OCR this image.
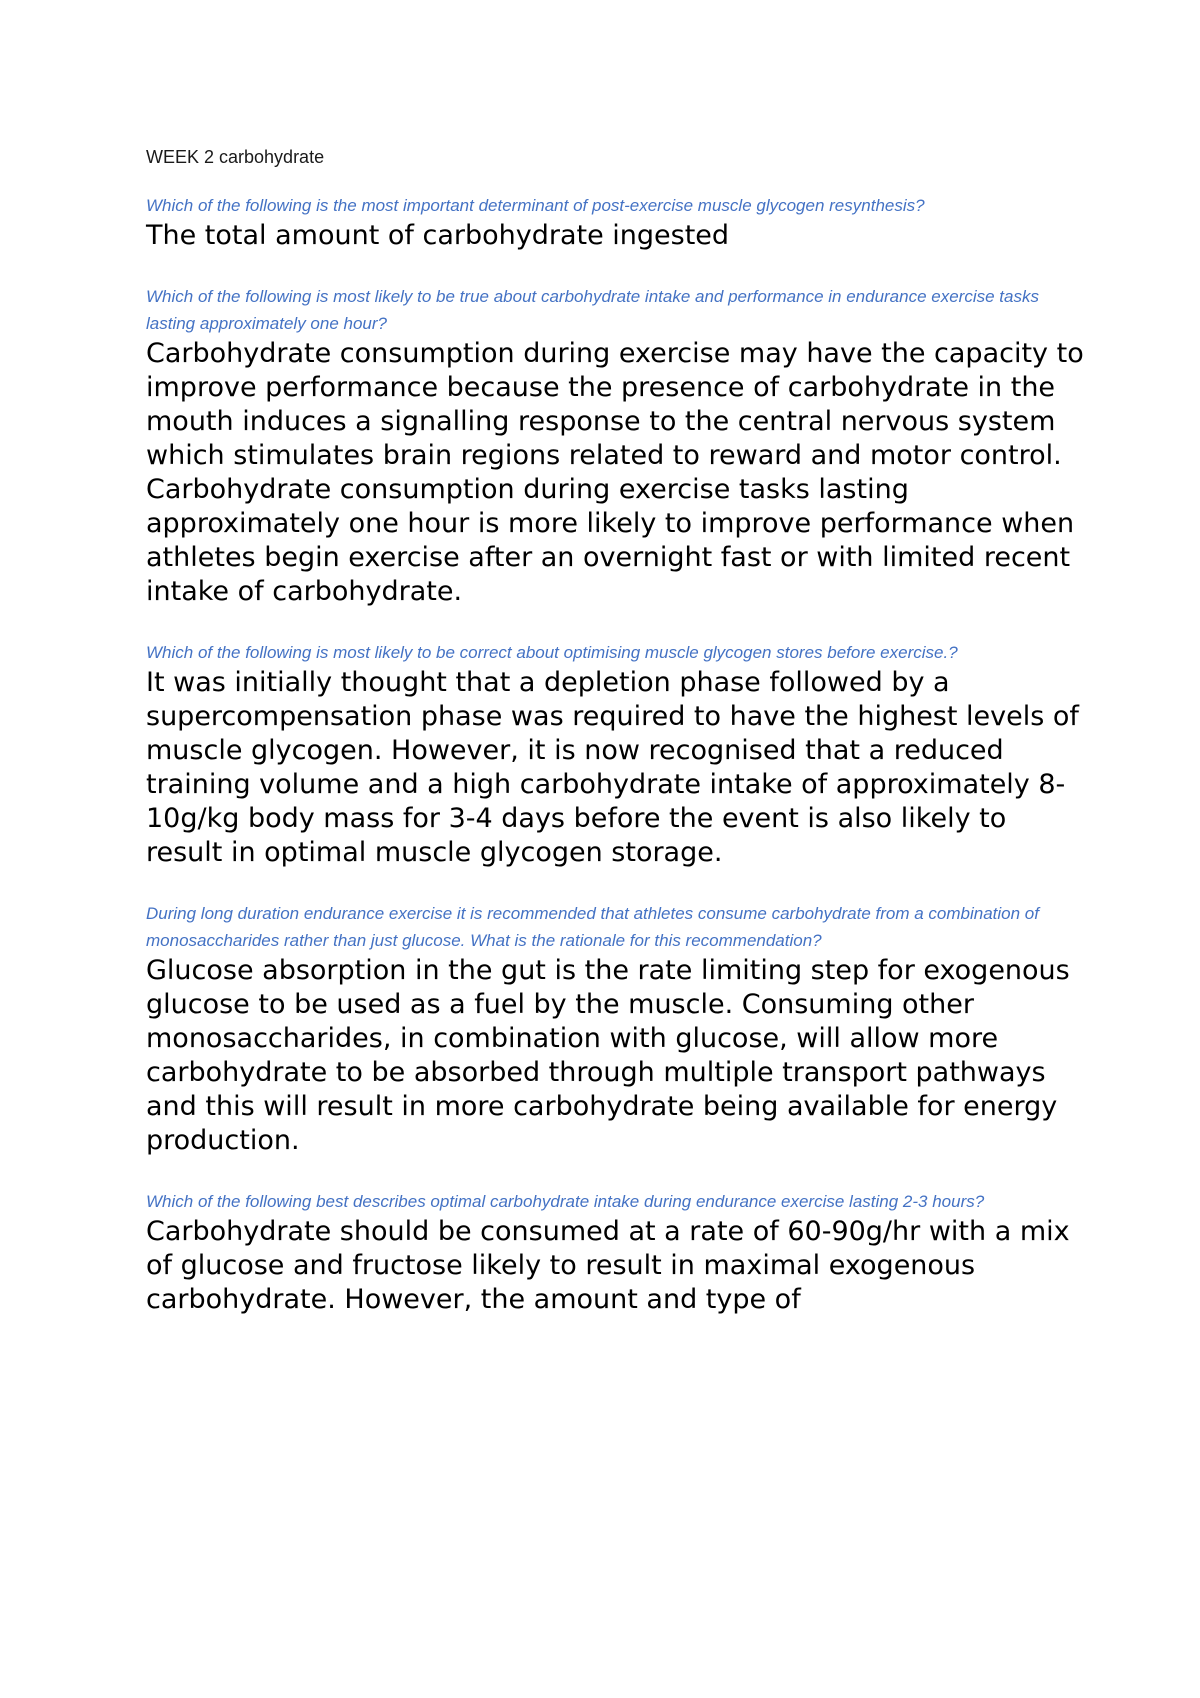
WEEK 2 carbohydrate

Which of the following is the most important determinant of post-exercise muscle glycogen resynthesis?

The total amount of carbohydrate ingested

Which of the following is most likely to be true about carbohydrate intake and performance in endurance exercise tasks lasting approximately one hour?

Carbohydrate consumption during exercise may have the capacity to improve performance because the presence of carbohydrate in the mouth induces a signalling response to the central nervous system which stimulates brain regions related to reward and motor control. Carbohydrate consumption during exercise tasks lasting approximately one hour is more likely to improve performance when athletes begin exercise after an overnight fast or with limited recent intake of carbohydrate.

Which of the following is most likely to be correct about optimising muscle glycogen stores before exercise.?

It was initially thought that a depletion phase followed by a supercompensation phase was required to have the highest levels of muscle glycogen. However, it is now recognised that a reduced training volume and a high carbohydrate intake of approximately 8-10g/kg body mass for 3-4 days before the event is also likely to result in optimal muscle glycogen storage.

During long duration endurance exercise it is recommended that athletes consume carbohydrate from a combination of monosaccharides rather than just glucose. What is the rationale for this recommendation?

Glucose absorption in the gut is the rate limiting step for exogenous glucose to be used as a fuel by the muscle. Consuming other monosaccharides, in combination with glucose, will allow more carbohydrate to be absorbed through multiple transport pathways and this will result in more carbohydrate being available for energy production.

Which of the following best describes optimal carbohydrate intake during endurance exercise lasting 2-3 hours?

Carbohydrate should be consumed at a rate of 60-90g/hr with a mix of glucose and fructose likely to result in maximal exogenous carbohydrate. However, the amount and type of
